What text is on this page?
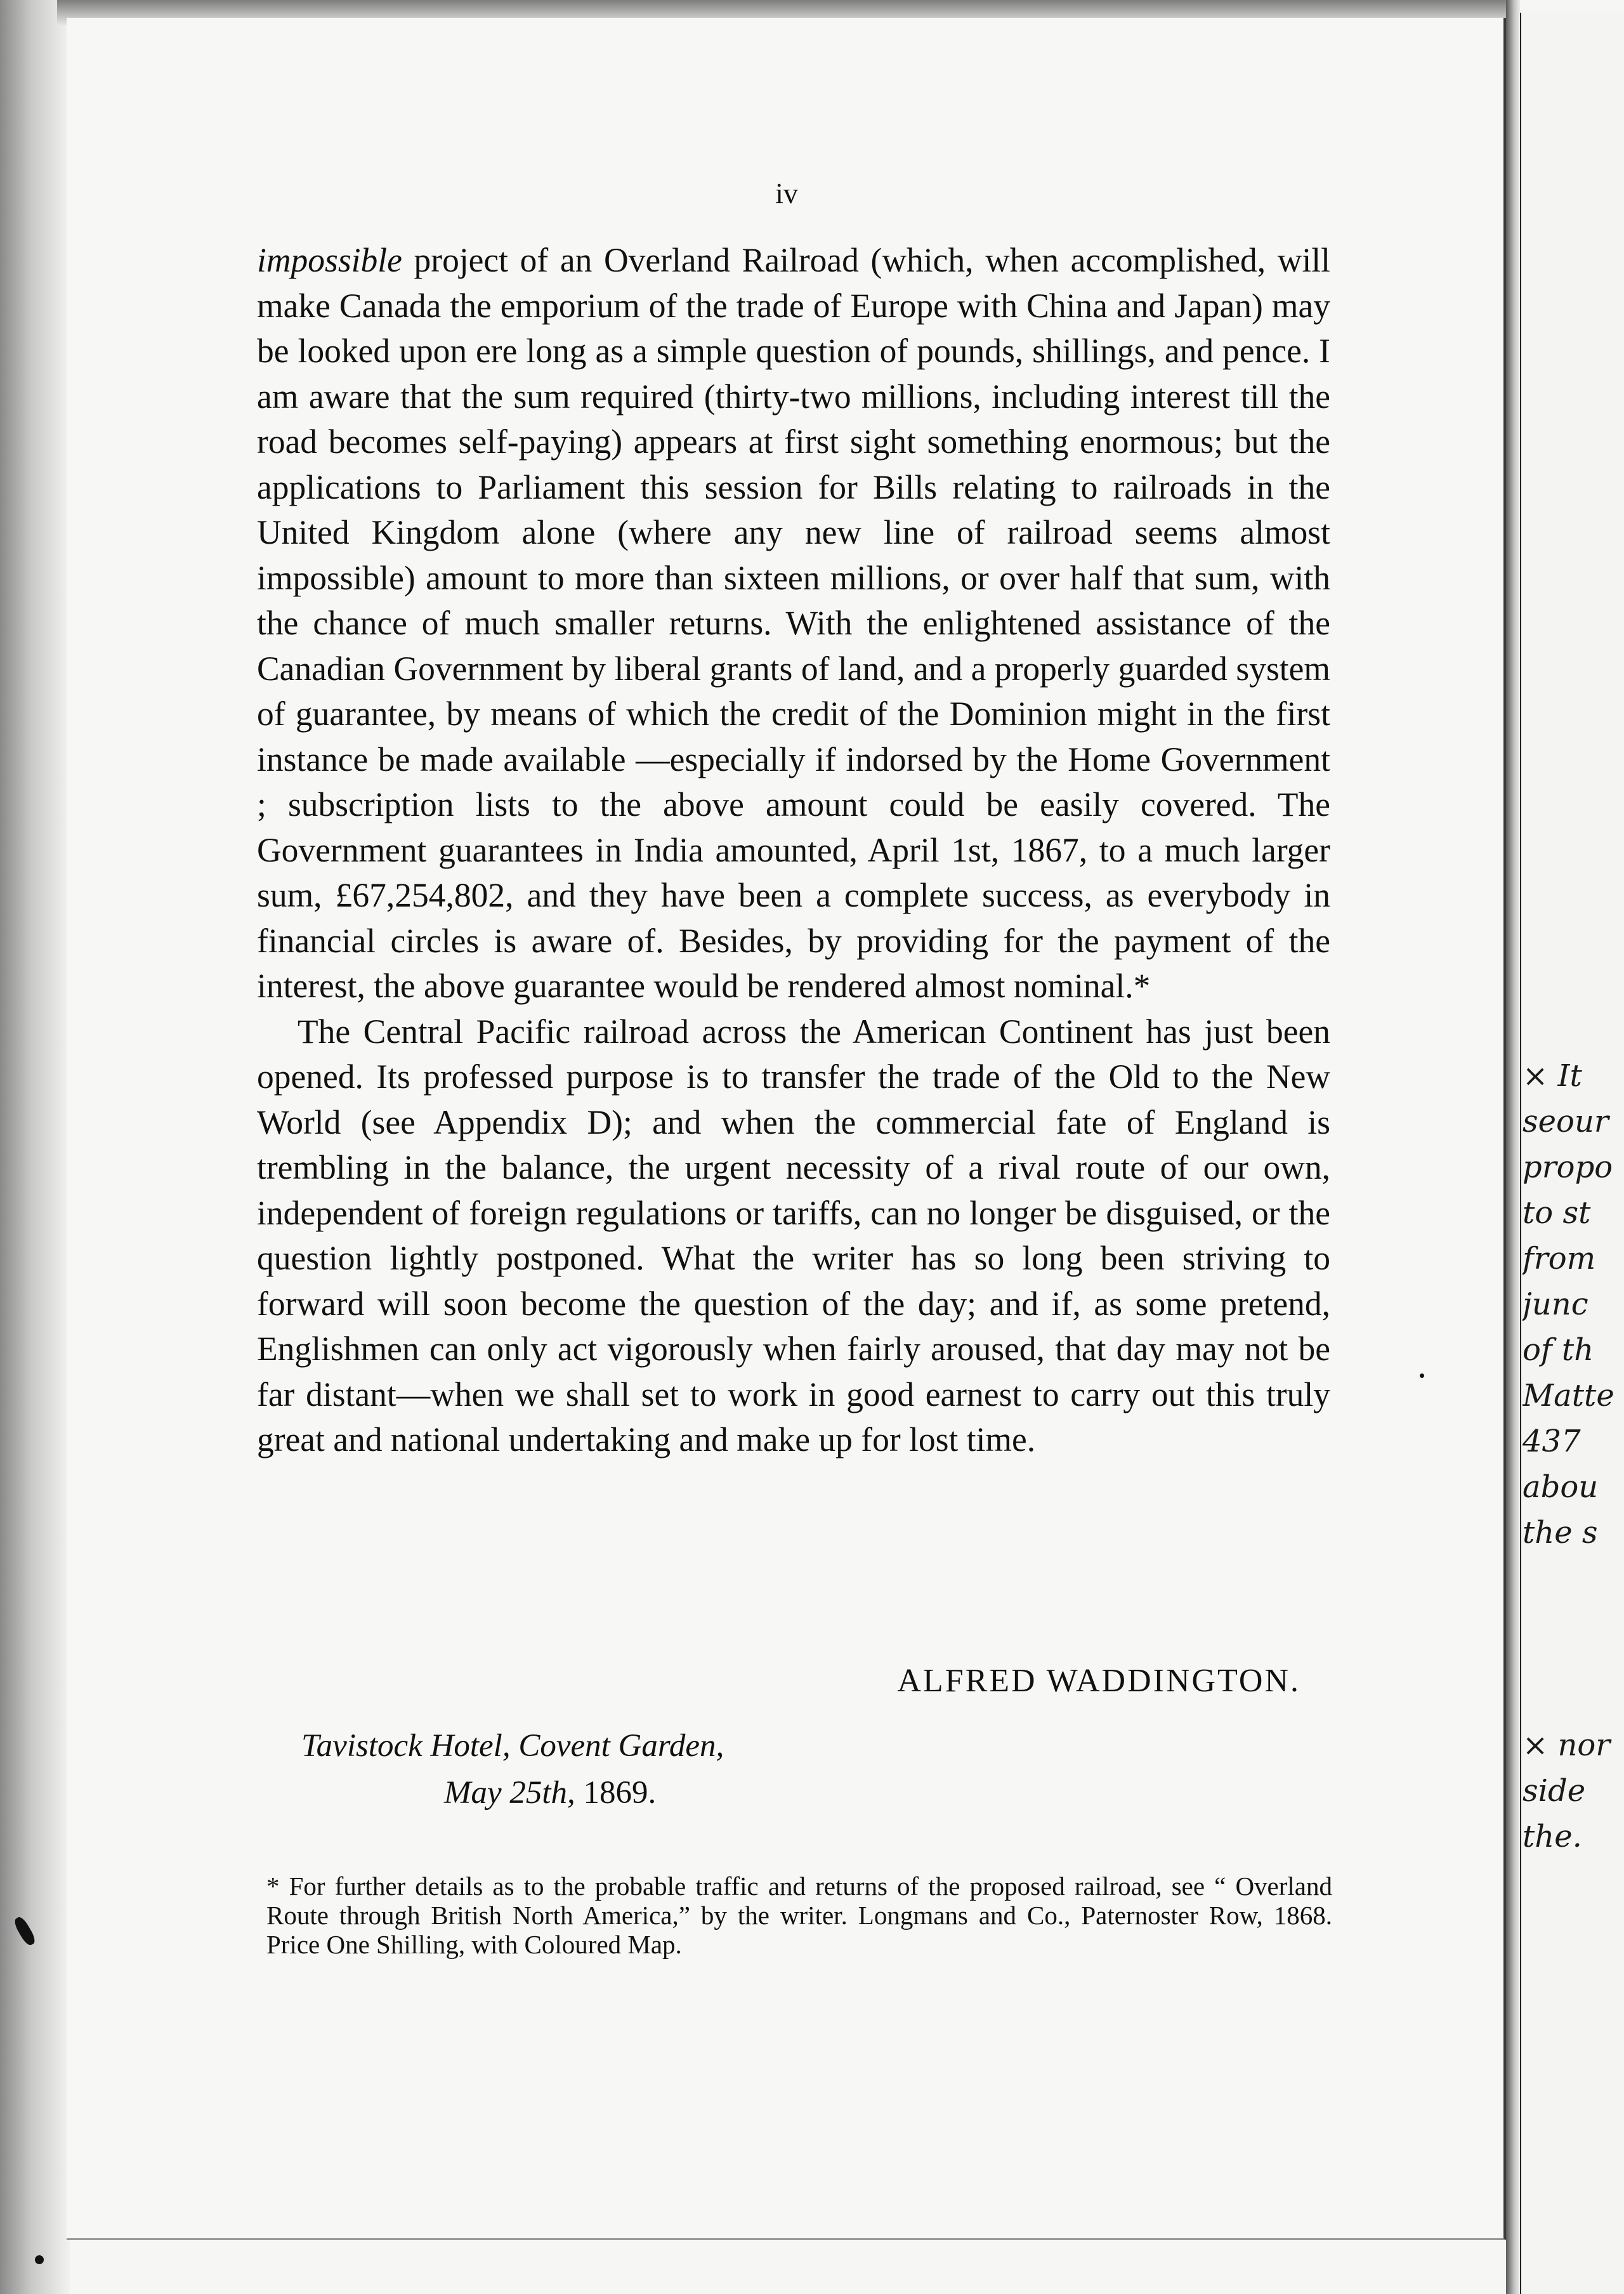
iv

impossible project of an Overland Railroad (which, when accomplished, will make Canada the emporium of the trade of Europe with China and Japan) may be looked upon ere long as a simple question of pounds, shillings, and pence. I am aware that the sum required (thirty-two millions, including interest till the road becomes self-paying) appears at first sight something enormous; but the applications to Parliament this session for Bills relating to railroads in the United Kingdom alone (where any new line of railroad seems almost impossible) amount to more than sixteen millions, or over half that sum, with the chance of much smaller returns. With the enlightened assistance of the Canadian Government by liberal grants of land, and a properly guarded system of guarantee, by means of which the credit of the Dominion might in the first instance be made available —especially if indorsed by the Home Government ; subscription lists to the above amount could be easily covered. The Government guarantees in India amounted, April 1st, 1867, to a much larger sum, £67,254,802, and they have been a complete success, as everybody in financial circles is aware of. Besides, by providing for the payment of the interest, the above guarantee would be rendered almost nominal.*

The Central Pacific railroad across the American Continent has just been opened. Its professed purpose is to transfer the trade of the Old to the New World (see Appendix D); and when the commercial fate of England is trembling in the balance, the urgent necessity of a rival route of our own, independent of foreign regulations or tariffs, can no longer be disguised, or the question lightly postponed. What the writer has so long been striving to forward will soon become the question of the day; and if, as some pretend, Englishmen can only act vigorously when fairly aroused, that day may not be far distant—when we shall set to work in good earnest to carry out this truly great and national undertaking and make up for lost time.

ALFRED WADDINGTON.
Tavistock Hotel, Covent Garden,
May 25th, 1869.
* For further details as to the probable traffic and returns of the proposed railroad, see “ Overland Route through British North America,” by the writer. Longmans and Co., Paternoster Row, 1868. Price One Shilling, with Coloured Map.
× It
seour
propo
to st
from
junc
of th
Matte
437
abou
the s
× nor
side
the.
